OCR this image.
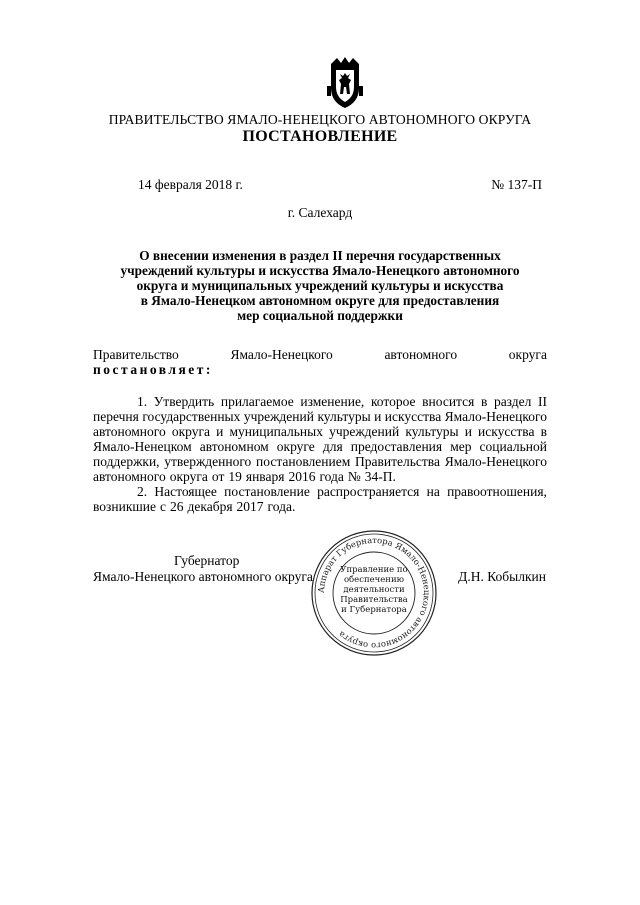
ПРАВИТЕЛЬСТВО ЯМАЛО-НЕНЕЦКОГО АВТОНОМНОГО ОКРУГА
ПОСТАНОВЛЕНИЕ
14 февраля 2018 г.	№ 137-П
г. Салехард
О внесении изменения в раздел II перечня государственных
учреждений культуры и искусства Ямало-Ненецкого автономного
округа и муниципальных учреждений культуры и искусства
в Ямало-Ненецком автономном округе для предоставления
мер социальной поддержки
Правительство	Ямало-Ненецкого	автономного	округа
постановляет:
1. Утвердить прилагаемое изменение, которое вносится в раздел II
перечня государственных учреждений культуры и искусства Ямало-Ненецкого
автономного округа и муниципальных учреждений культуры и искусства в
Ямало-Ненецком автономном округе для предоставления мер социальной
поддержки, утвержденного постановлением Правительства Ямало-Ненецкого
автономного округа от 19 января 2016 года № 34-П.
2. Настоящее постановление распространяется на правоотношения,
возникшие с 26 декабря 2017 года.
Губернатор
Ямало-Ненецкого автономного округа	Д.Н. Кобылкин
Аппарат Губернатора Ямало-Ненецкого автономного округа
Управление по
обеспечению
деятельности
Правительства
и Губернатора
